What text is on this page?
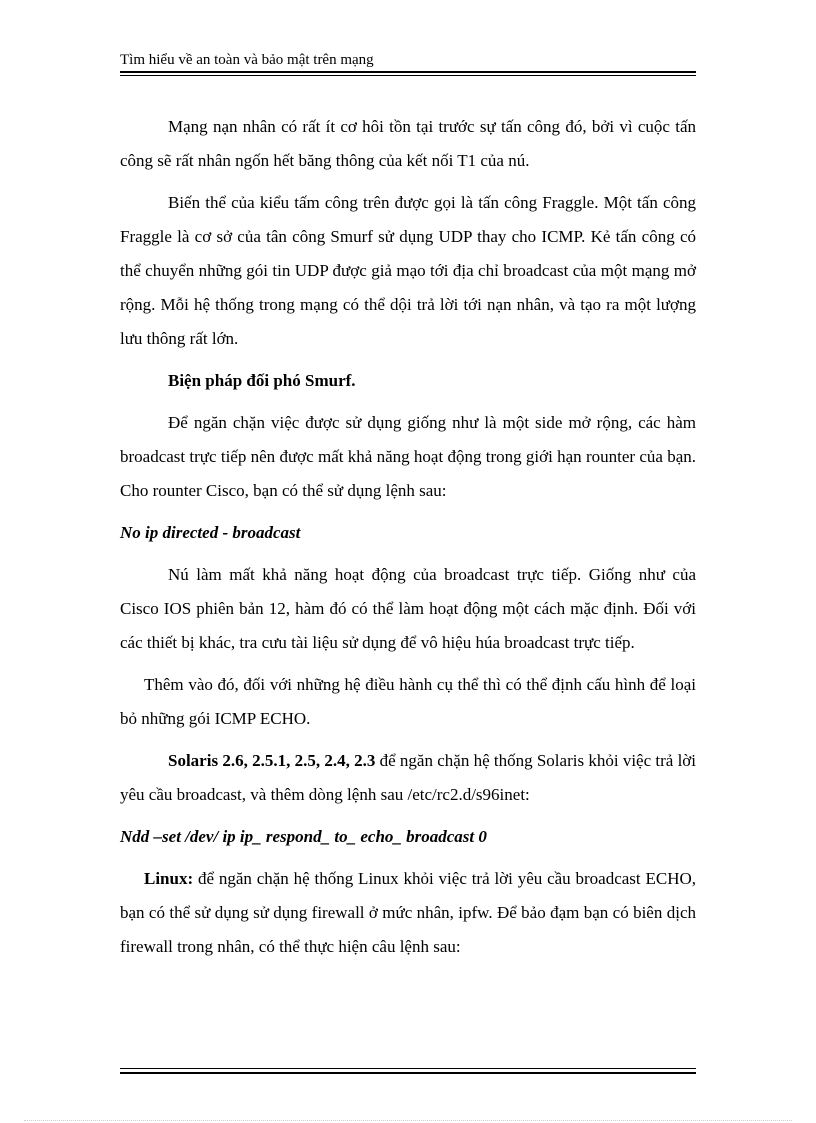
Tìm hiểu về an toàn và bảo mật trên mạng

Mạng nạn nhân có rất ít cơ hôi tồn tại trước sự tấn công đó, bởi vì cuộc tấn công sẽ rất nhân ngốn hết băng thông của kết nối T1 của nú.

Biến thể của kiểu tấm công trên được gọi là tấn công Fraggle. Một tấn công Fraggle là cơ sở của tân công Smurf sử dụng UDP thay cho ICMP. Kẻ tấn công có thể chuyển những gói tin UDP được giả mạo tới địa chỉ broadcast của một mạng mở rộng. Mỗi hệ thống trong mạng có thể dội trả lời tới nạn nhân, và tạo ra một lượng lưu thông rất lớn.

Biện pháp đối phó Smurf.

Để ngăn chặn việc được sử dụng giống như là một side mở rộng, các hàm broadcast trực tiếp nên được mất khả năng hoạt động trong giới hạn rounter của bạn. Cho rounter Cisco, bạn có thể sử dụng lệnh sau:

No ip directed - broadcast

Nú làm mất khả năng hoạt động của broadcast trực tiếp. Giống như của Cisco IOS phiên bản 12, hàm đó có thể làm hoạt động một cách mặc định. Đối với các thiết bị khác, tra cưu tài liệu sử dụng để vô hiệu húa broadcast trực tiếp.

Thêm vào đó, đối với những hệ điều hành cụ thể thì có thể định cấu hình để loại bỏ những gói ICMP ECHO.

Solaris 2.6, 2.5.1, 2.5, 2.4, 2.3 để ngăn chặn hệ thống Solaris khỏi việc trả lời yêu cầu broadcast, và thêm dòng lệnh sau /etc/rc2.d/s96inet:

Ndd –set /dev/ ip ip_ respond_ to_ echo_ broadcast 0

Linux: để ngăn chặn hệ thống Linux khỏi việc trả lời yêu cầu broadcast ECHO, bạn có thể sử dụng sử dụng firewall ở mức nhân, ipfw. Để bảo đạm bạn có biên dịch firewall trong nhân, có thể thực hiện câu lệnh sau:
